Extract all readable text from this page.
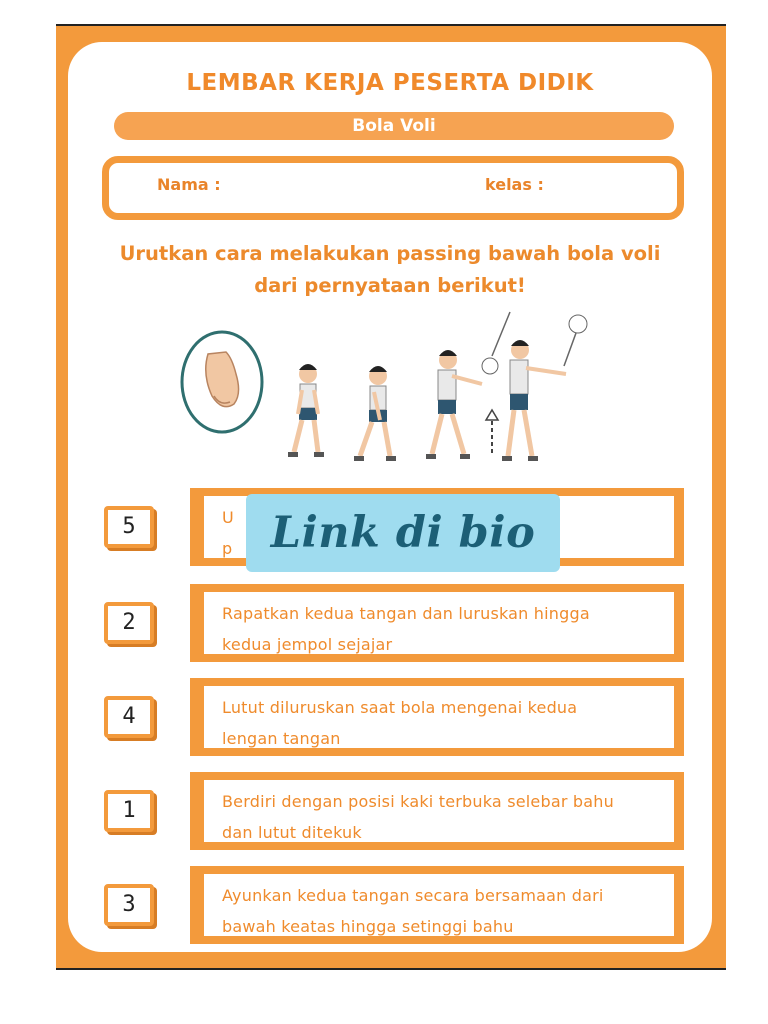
LEMBAR KERJA PESERTA DIDIK
Bola Voli
Nama :	kelas :
Urutkan cara melakukan passing bawah bola voli
dari pernyataan berikut!
5	U
p
2	Rapatkan kedua tangan dan luruskan hingga
kedua jempol sejajar
4	Lutut diluruskan saat bola mengenai kedua
lengan tangan
1	Berdiri dengan posisi kaki terbuka selebar bahu
dan lutut ditekuk
3	Ayunkan kedua tangan secara bersamaan dari
bawah keatas hingga setinggi bahu
Link di bio
